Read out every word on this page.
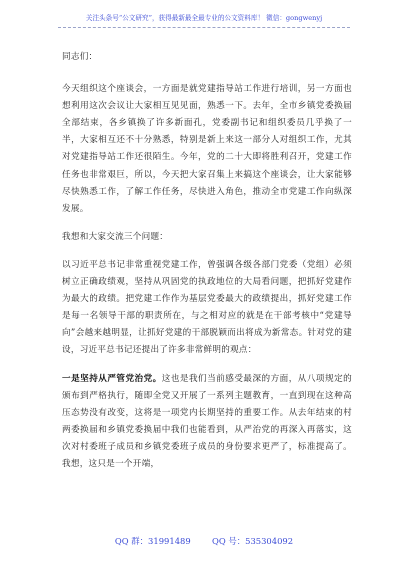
关注头条号“公文研究”，获得最新最全最专业的公文资料库！ 微信：gongwenyj

同志们：

今天组织这个座谈会，一方面是就党建指导站工作进行培训，另一方面也想利用这次会议让大家相互见见面，熟悉一下。去年，全市乡镇党委换届全部结束，各乡镇换了许多新面孔，党委副书记和组织委员几乎换了一半，大家相互还不十分熟悉，特别是新上来这一部分人对组织工作，尤其对党建指导站工作还很陌生。今年，党的二十大即将胜利召开，党建工作任务也非常艰巨，所以，今天把大家召集上来搞这个座谈会，让大家能够尽快熟悉工作，了解工作任务，尽快进入角色，推动全市党建工作向纵深发展。

我想和大家交流三个问题：

以习近平总书记非常重视党建工作，曾强调各级各部门党委（党组）必须树立正确政绩观，坚持从巩固党的执政地位的大局看问题，把抓好党建作为最大的政绩。把党建工作作为基层党委最大的政绩提出，抓好党建工作是每一名领导干部的职责所在，与之相对应的就是在干部考核中“党建导向”会越来越明显，让抓好党建的干部脱颖而出将成为新常态。针对党的建设，习近平总书记还提出了许多非常鲜明的观点：

一是坚持从严管党治党。这也是我们当前感受最深的方面，从八项规定的颁布到严格执行，随即全党又开展了一系列主题教育，一直到现在这种高压态势没有改变，这将是一项党内长期坚持的重要工作。从去年结束的村两委换届和乡镇党委换届中我们也能看到，从严治党的再深入再落实，这次对村委班子成员和乡镇党委班子成员的身份要求更严了，标准提高了。我想，这只是一个开端，

QQ 群：31991489        QQ 号：535304092
